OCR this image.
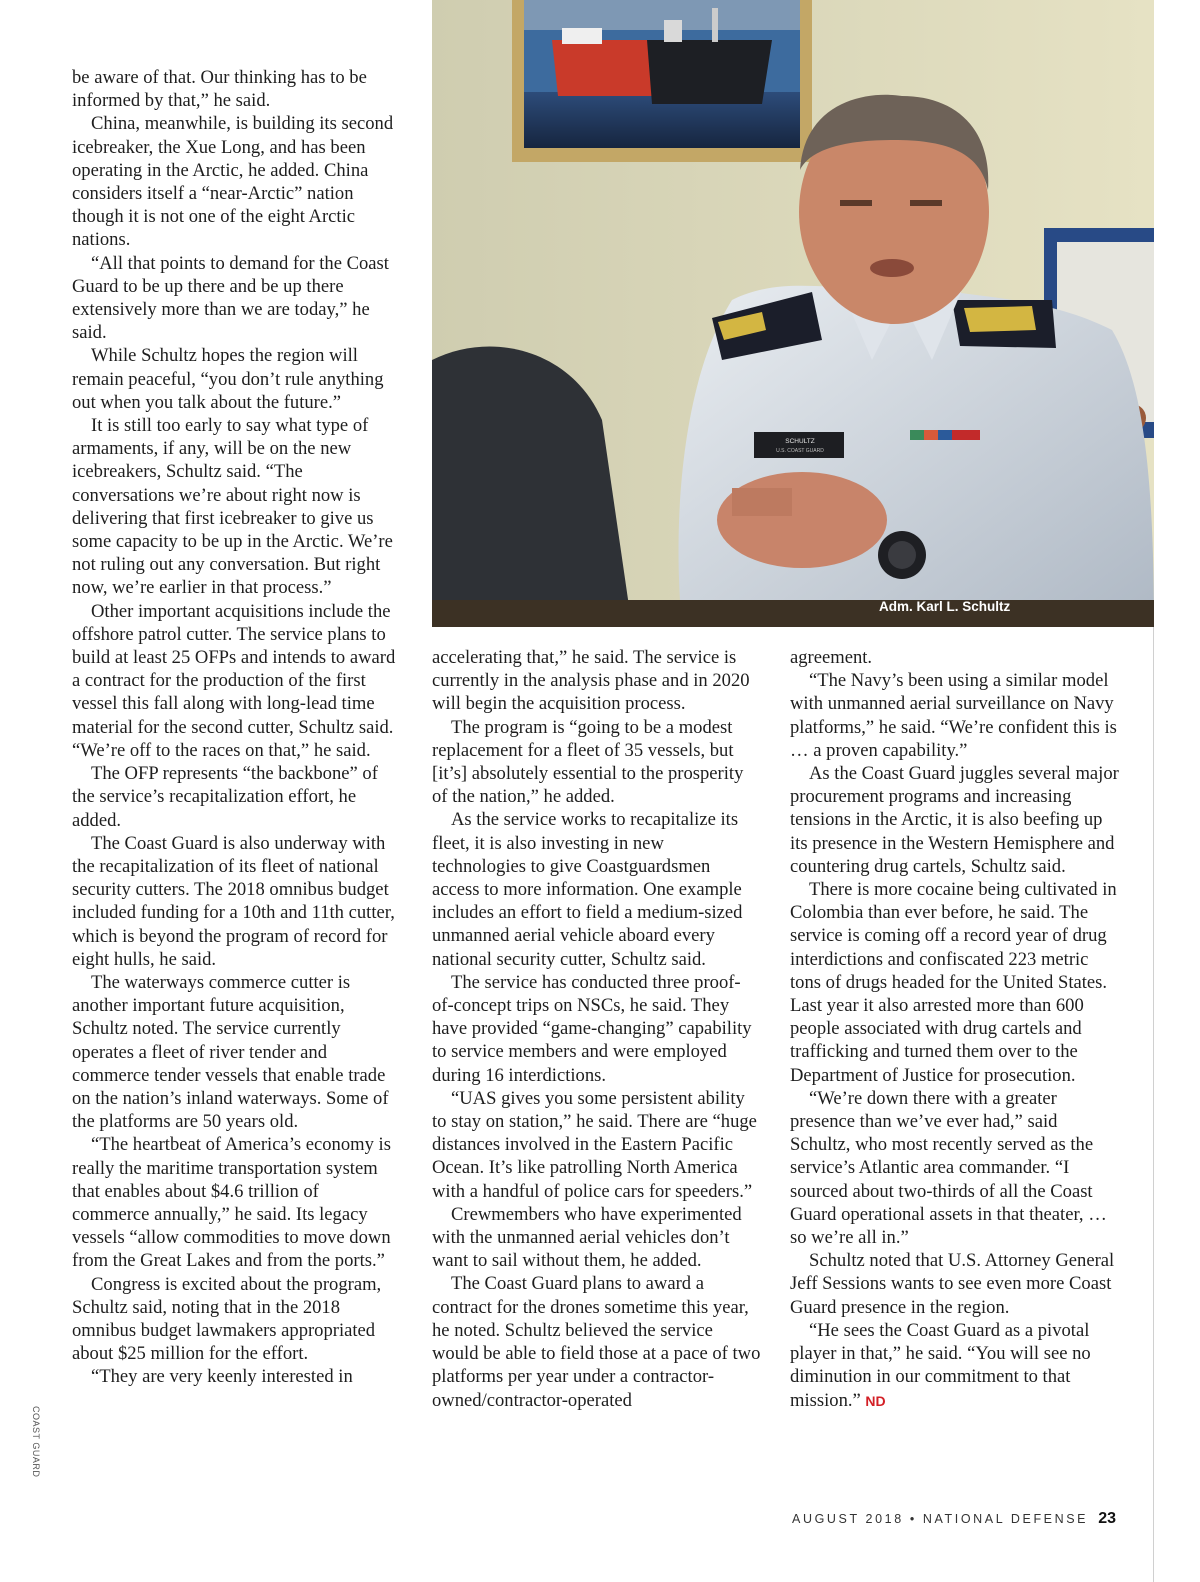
SCHULTZ
U.S. COAST GUARD
Adm. Karl L. Schultz

be aware of that. Our thinking has to be informed by that,” he said.

China, meanwhile, is building its second icebreaker, the Xue Long, and has been operating in the Arctic, he added. China considers itself a “near-Arctic” nation though it is not one of the eight Arctic nations.

“All that points to demand for the Coast Guard to be up there and be up there extensively more than we are today,” he said.

While Schultz hopes the region will remain peaceful, “you don’t rule anything out when you talk about the future.”

It is still too early to say what type of armaments, if any, will be on the new icebreakers, Schultz said. “The conversations we’re about right now is delivering that first icebreaker to give us some capacity to be up in the Arctic. We’re not ruling out any conversation. But right now, we’re earlier in that process.”

Other important acquisitions include the offshore patrol cutter. The service plans to build at least 25 OFPs and intends to award a contract for the production of the first vessel this fall along with long-lead time material for the second cutter, Schultz said. “We’re off to the races on that,” he said.

The OFP represents “the backbone” of the service’s recapitalization effort, he added.

The Coast Guard is also underway with the recapitalization of its fleet of national security cutters. The 2018 omnibus budget included funding for a 10th and 11th cutter, which is beyond the program of record for eight hulls, he said.

The waterways commerce cutter is another important future acquisition, Schultz noted. The service currently operates a fleet of river tender and commerce tender vessels that enable trade on the nation’s inland waterways. Some of the platforms are 50 years old.

“The heartbeat of America’s economy is really the maritime transportation system that enables about $4.6 trillion of commerce annually,” he said. Its legacy vessels “allow commodities to move down from the Great Lakes and from the ports.”

Congress is excited about the program, Schultz said, noting that in the 2018 omnibus budget lawmakers appropriated about $25 million for the effort.

“They are very keenly interested in

accelerating that,” he said. The service is currently in the analysis phase and in 2020 will begin the acquisition process.

The program is “going to be a modest replacement for a fleet of 35 vessels, but [it’s] absolutely essential to the prosperity of the nation,” he added.

As the service works to recapitalize its fleet, it is also investing in new technologies to give Coastguardsmen access to more information. One example includes an effort to field a medium-sized unmanned aerial vehicle aboard every national security cutter, Schultz said.

The service has conducted three proof-of-concept trips on NSCs, he said. They have provided “game-changing” capability to service members and were employed during 16 interdictions.

“UAS gives you some persistent ability to stay on station,” he said. There are “huge distances involved in the Eastern Pacific Ocean. It’s like patrolling North America with a handful of police cars for speeders.”

Crewmembers who have experimented with the unmanned aerial vehicles don’t want to sail without them, he added.

The Coast Guard plans to award a contract for the drones sometime this year, he noted. Schultz believed the service would be able to field those at a pace of two platforms per year under a contractor-owned/contractor-operated

agreement.

“The Navy’s been using a similar model with unmanned aerial surveillance on Navy platforms,” he said. “We’re confident this is … a proven capability.”

As the Coast Guard juggles several major procurement programs and increasing tensions in the Arctic, it is also beefing up its presence in the Western Hemisphere and countering drug cartels, Schultz said.

There is more cocaine being cultivated in Colombia than ever before, he said. The service is coming off a record year of drug interdictions and confiscated 223 metric tons of drugs headed for the United States. Last year it also arrested more than 600 people associated with drug cartels and trafficking and turned them over to the Department of Justice for prosecution.

“We’re down there with a greater presence than we’ve ever had,” said Schultz, who most recently served as the service’s Atlantic area commander. “I sourced about two-thirds of all the Coast Guard operational assets in that theater, … so we’re all in.”

Schultz noted that U.S. Attorney General Jeff Sessions wants to see even more Coast Guard presence in the region.

“He sees the Coast Guard as a pivotal player in that,” he said. “You will see no diminution in our commitment to that mission.” ND

COAST GUARD
AUGUST 2018 • NATIONAL DEFENSE 23
